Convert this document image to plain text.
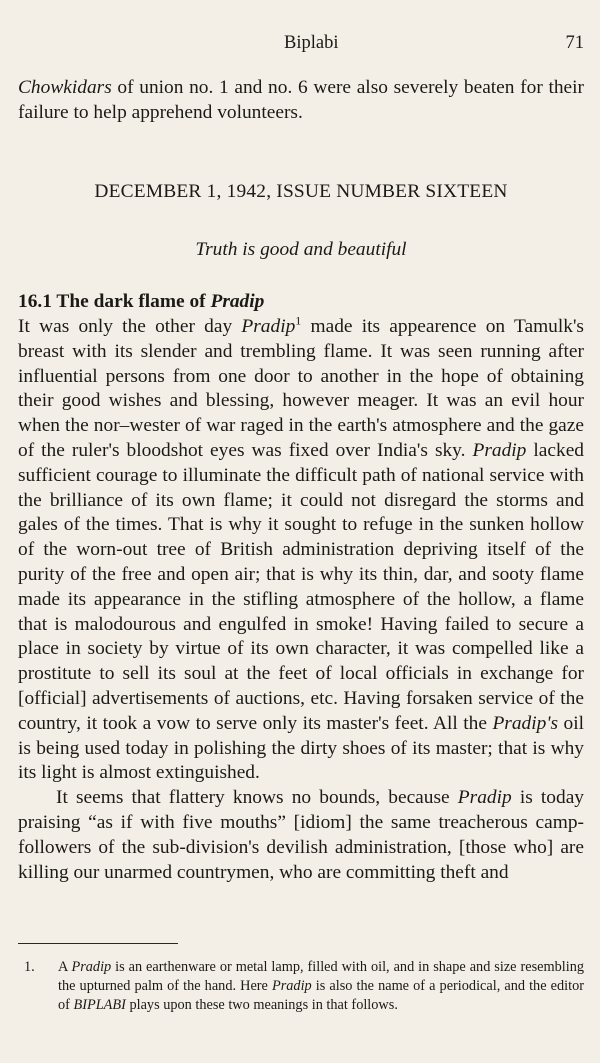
Biplabi	71

Chowkidars of union no. 1 and no. 6 were also severely beaten for their failure to help apprehend volunteers.

DECEMBER 1, 1942, ISSUE NUMBER SIXTEEN

Truth is good and beautiful

16.1 The dark flame of Pradip

It was only the other day Pradip$^1$ made its appearence on Tamulk's breast with its slender and trembling flame. It was seen running after influential persons from one door to another in the hope of obtaining their good wishes and blessing, however meager. It was an evil hour when the nor–wester of war raged in the earth's atmosphere and the gaze of the ruler's bloodshot eyes was fixed over India's sky. Pradip lacked sufficient courage to illuminate the difficult path of national service with the brilliance of its own flame; it could not disregard the storms and gales of the times. That is why it sought to refuge in the sunken hollow of the worn-out tree of British administration depriving itself of the purity of the free and open air; that is why its thin, dar, and sooty flame made its appearance in the stifling atmosphere of the hollow, a flame that is malodourous and engulfed in smoke! Having failed to secure a place in society by virtue of its own character, it was compelled like a prostitute to sell its soul at the feet of local officials in exchange for [official] advertisements of auctions, etc. Having forsaken service of the country, it took a vow to serve only its master's feet. All the Pradip's oil is being used today in polishing the dirty shoes of its master; that is why its light is almost extinguished.

It seems that flattery knows no bounds, because Pradip is today praising “as if with five mouths” [idiom] the same treacherous camp-followers of the sub-division's devilish administration, [those who] are killing our unarmed countrymen, who are committing theft and

1. A Pradip is an earthenware or metal lamp, filled with oil, and in shape and size resembling the upturned palm of the hand. Here Pradip is also the name of a periodical, and the editor of BIPLABI plays upon these two meanings in that follows.
